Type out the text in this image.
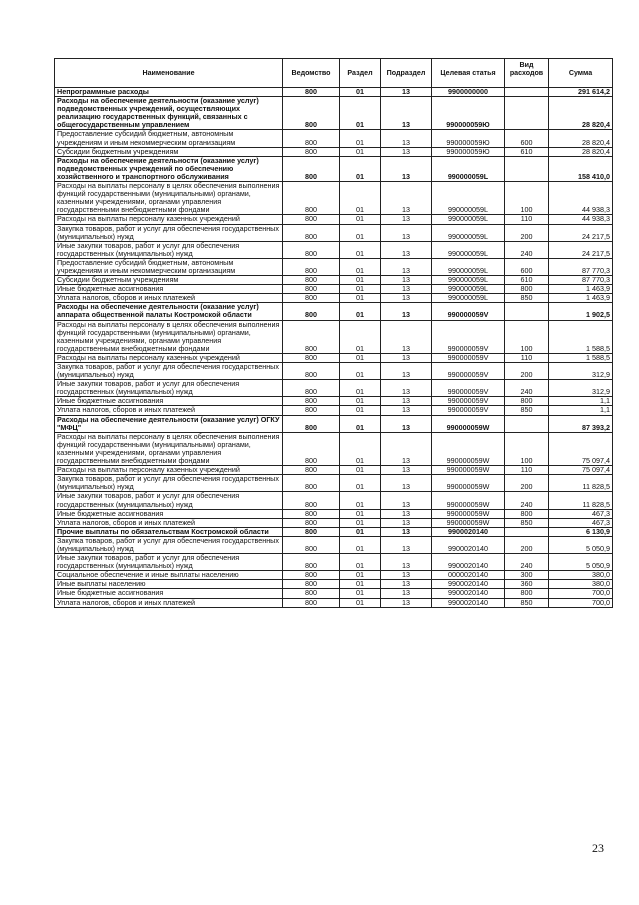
Наименование	Ведомство	Раздел	Подраздел	Целевая статья	Вид расходов	Сумма
Непрограммные расходы	800	01	13	9900000000		291 614,2
Расходы на обеспечение деятельности (оказание услуг) подведомственных учреждений, осуществляющих реализацию государственных функций, связанных с общегосударственным управлением	800	01	13	990000059Ю		28 820,4
Предоставление субсидий бюджетным, автономным учреждениям и иным некоммерческим организациям	800	01	13	990000059Ю	600	28 820,4
Субсидии бюджетным учреждениям	800	01	13	990000059Ю	610	28 820,4
Расходы на обеспечение деятельности (оказание услуг) подведомственных учреждений по обеспечению хозяйственного и транспортного обслуживания	800	01	13	990000059L		158 410,0
Расходы на выплаты персоналу в целях обеспечения выполнения функций государственными (муниципальными) органами, казенными учреждениями, органами управления государственными внебюджетными фондами	800	01	13	990000059L	100	44 938,3
Расходы на выплаты персоналу казенных учреждений	800	01	13	990000059L	110	44 938,3
Закупка товаров, работ и услуг для обеспечения государственных (муниципальных) нужд	800	01	13	990000059L	200	24 217,5
Иные закупки товаров, работ и услуг для обеспечения государственных (муниципальных) нужд	800	01	13	990000059L	240	24 217,5
Предоставление субсидий бюджетным, автономным учреждениям и иным некоммерческим организациям	800	01	13	990000059L	600	87 770,3
Субсидии бюджетным учреждениям	800	01	13	990000059L	610	87 770,3
Иные бюджетные ассигнования	800	01	13	990000059L	800	1 463,9
Уплата налогов, сборов и иных платежей	800	01	13	990000059L	850	1 463,9
Расходы на обеспечение деятельности (оказание услуг) аппарата общественной палаты Костромской области	800	01	13	990000059V		1 902,5
Расходы на выплаты персоналу в целях обеспечения выполнения функций государственными (муниципальными) органами, казенными учреждениями, органами управления государственными внебюджетными фондами	800	01	13	990000059V	100	1 588,5
Расходы на выплаты персоналу казенных учреждений	800	01	13	990000059V	110	1 588,5
Закупка товаров, работ и услуг для обеспечения государственных (муниципальных) нужд	800	01	13	990000059V	200	312,9
Иные закупки товаров, работ и услуг для обеспечения государственных (муниципальных) нужд	800	01	13	990000059V	240	312,9
Иные бюджетные ассигнования	800	01	13	990000059V	800	1,1
Уплата налогов, сборов и иных платежей	800	01	13	990000059V	850	1,1
Расходы на обеспечение деятельности (оказание услуг) ОГКУ "МФЦ"	800	01	13	990000059W		87 393,2
Расходы на выплаты персоналу в целях обеспечения выполнения функций государственными (муниципальными) органами, казенными учреждениями, органами управления государственными внебюджетными фондами	800	01	13	990000059W	100	75 097,4
Расходы на выплаты персоналу казенных учреждений	800	01	13	990000059W	110	75 097,4
Закупка товаров, работ и услуг для обеспечения государственных (муниципальных) нужд	800	01	13	990000059W	200	11 828,5
Иные закупки товаров, работ и услуг для обеспечения государственных (муниципальных) нужд	800	01	13	990000059W	240	11 828,5
Иные бюджетные ассигнования	800	01	13	990000059W	800	467,3
Уплата налогов, сборов и иных платежей	800	01	13	990000059W	850	467,3
Прочие выплаты по обязательствам Костромской области	800	01	13	9900020140		6 130,9
Закупка товаров, работ и услуг для обеспечения государственных (муниципальных) нужд	800	01	13	9900020140	200	5 050,9
Иные закупки товаров, работ и услуг для обеспечения государственных (муниципальных) нужд	800	01	13	9900020140	240	5 050,9
Социальное обеспечение и иные выплаты населению	800	01	13	0000020140	300	380,0
Иные выплаты населению	800	01	13	9900020140	360	380,0
Иные бюджетные ассигнования	800	01	13	9900020140	800	700,0
Уплата налогов, сборов и иных платежей	800	01	13	9900020140	850	700,0
23
